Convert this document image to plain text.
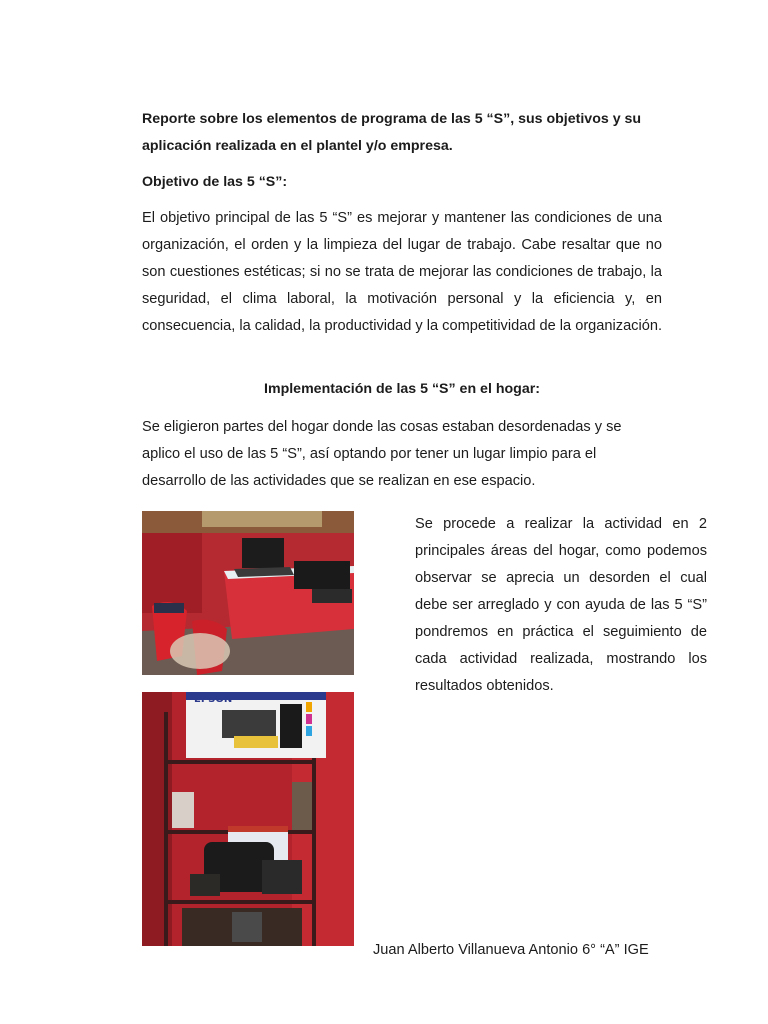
Reporte sobre los elementos de programa de las 5 “S”, sus objetivos y su aplicación realizada en el plantel y/o empresa.

Objetivo de las 5 “S”:

El objetivo principal de las 5 “S” es mejorar y mantener las condiciones de una organización, el orden y la limpieza del lugar de trabajo. Cabe resaltar que no son cuestiones estéticas; si no se trata de mejorar las condiciones de trabajo, la seguridad, el clima laboral, la motivación personal y la eficiencia y, en consecuencia, la calidad, la productividad y la competitividad de la organización.

Implementación de las 5 “S” en el hogar:

Se eligieron partes del hogar donde las cosas estaban desordenadas y se aplico el uso de las 5 “S”, así optando por tener un lugar limpio para el desarrollo de las actividades que se realizan en ese espacio.

EPSON

Se procede a realizar la actividad en 2 principales áreas del hogar, como podemos observar se aprecia un desorden el cual debe ser arreglado y con ayuda de las 5 “S” pondremos en práctica el seguimiento de cada actividad realizada, mostrando los resultados obtenidos.

Juan Alberto Villanueva Antonio 6° “A” IGE
